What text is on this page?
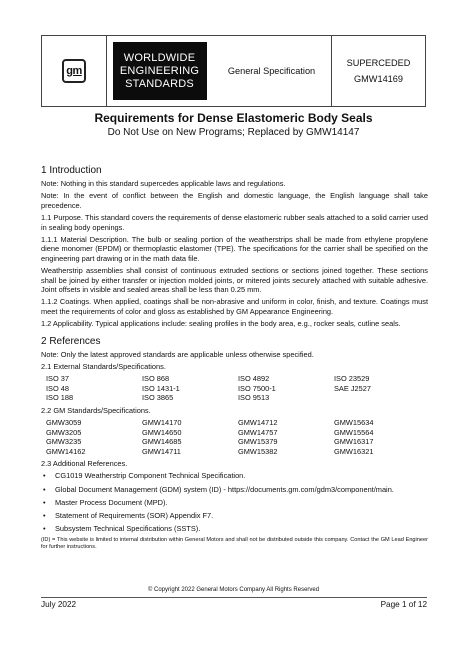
gm
WORLDWIDE
ENGINEERING
STANDARDS
General Specification
SUPERCEDED
GMW14169
Requirements for Dense Elastomeric Body Seals
Do Not Use on New Programs; Replaced by GMW14147
1 Introduction

Note: Nothing in this standard supercedes applicable laws and regulations.

Note: In the event of conflict between the English and domestic language, the English language shall take precedence.

1.1 Purpose. This standard covers the requirements of dense elastomeric rubber seals attached to a solid carrier used in sealing body openings.

1.1.1 Material Description. The bulb or sealing portion of the weatherstrips shall be made from ethylene propylene diene monomer (EPDM) or thermoplastic elastomer (TPE). The specifications for the carrier shall be specified on the engineering part drawing or in the math data file.

Weatherstrip assemblies shall consist of continuous extruded sections or sections joined together. These sections shall be joined by either transfer or injection molded joints, or mitered joints securely attached with suitable adhesive. Joint offsets in visible and sealed areas shall be less than 0.25 mm.

1.1.2 Coatings. When applied, coatings shall be non-abrasive and uniform in color, finish, and texture. Coatings must meet the requirements of color and gloss as established by GM Appearance Engineering.

1.2 Applicability. Typical applications include: sealing profiles in the body area, e.g., rocker seals, cutline seals.

2 References

Note: Only the latest approved standards are applicable unless otherwise specified.

2.1 External Standards/Specifications.

ISO 37	ISO 868	ISO 4892	ISO 23529
ISO 48	ISO 1431-1	ISO 7500-1	SAE J2527
ISO 188	ISO 3865	ISO 9513

2.2 GM Standards/Specifications.

GMW3059	GMW14170	GMW14712	GMW15634
GMW3205	GMW14650	GMW14757	GMW15564
GMW3235	GMW14685	GMW15379	GMW16317
GMW14162	GMW14711	GMW15382	GMW16321

2.3 Additional References.

• CG1019 Weatherstrip Component Technical Specification.
• Global Document Management (GDM) system (ID) - https://documents.gm.com/gdm3/component/main.
• Master Process Document (MPD).
• Statement of Requirements (SOR) Appendix F7.
• Subsystem Technical Specifications (SSTS).

(ID) = This website is limited to internal distribution within General Motors and shall not be distributed outside this company. Contact the GM Lead Engineer for further instructions.

© Copyright 2022 General Motors Company All Rights Reserved
July 2022	Page 1 of 12
